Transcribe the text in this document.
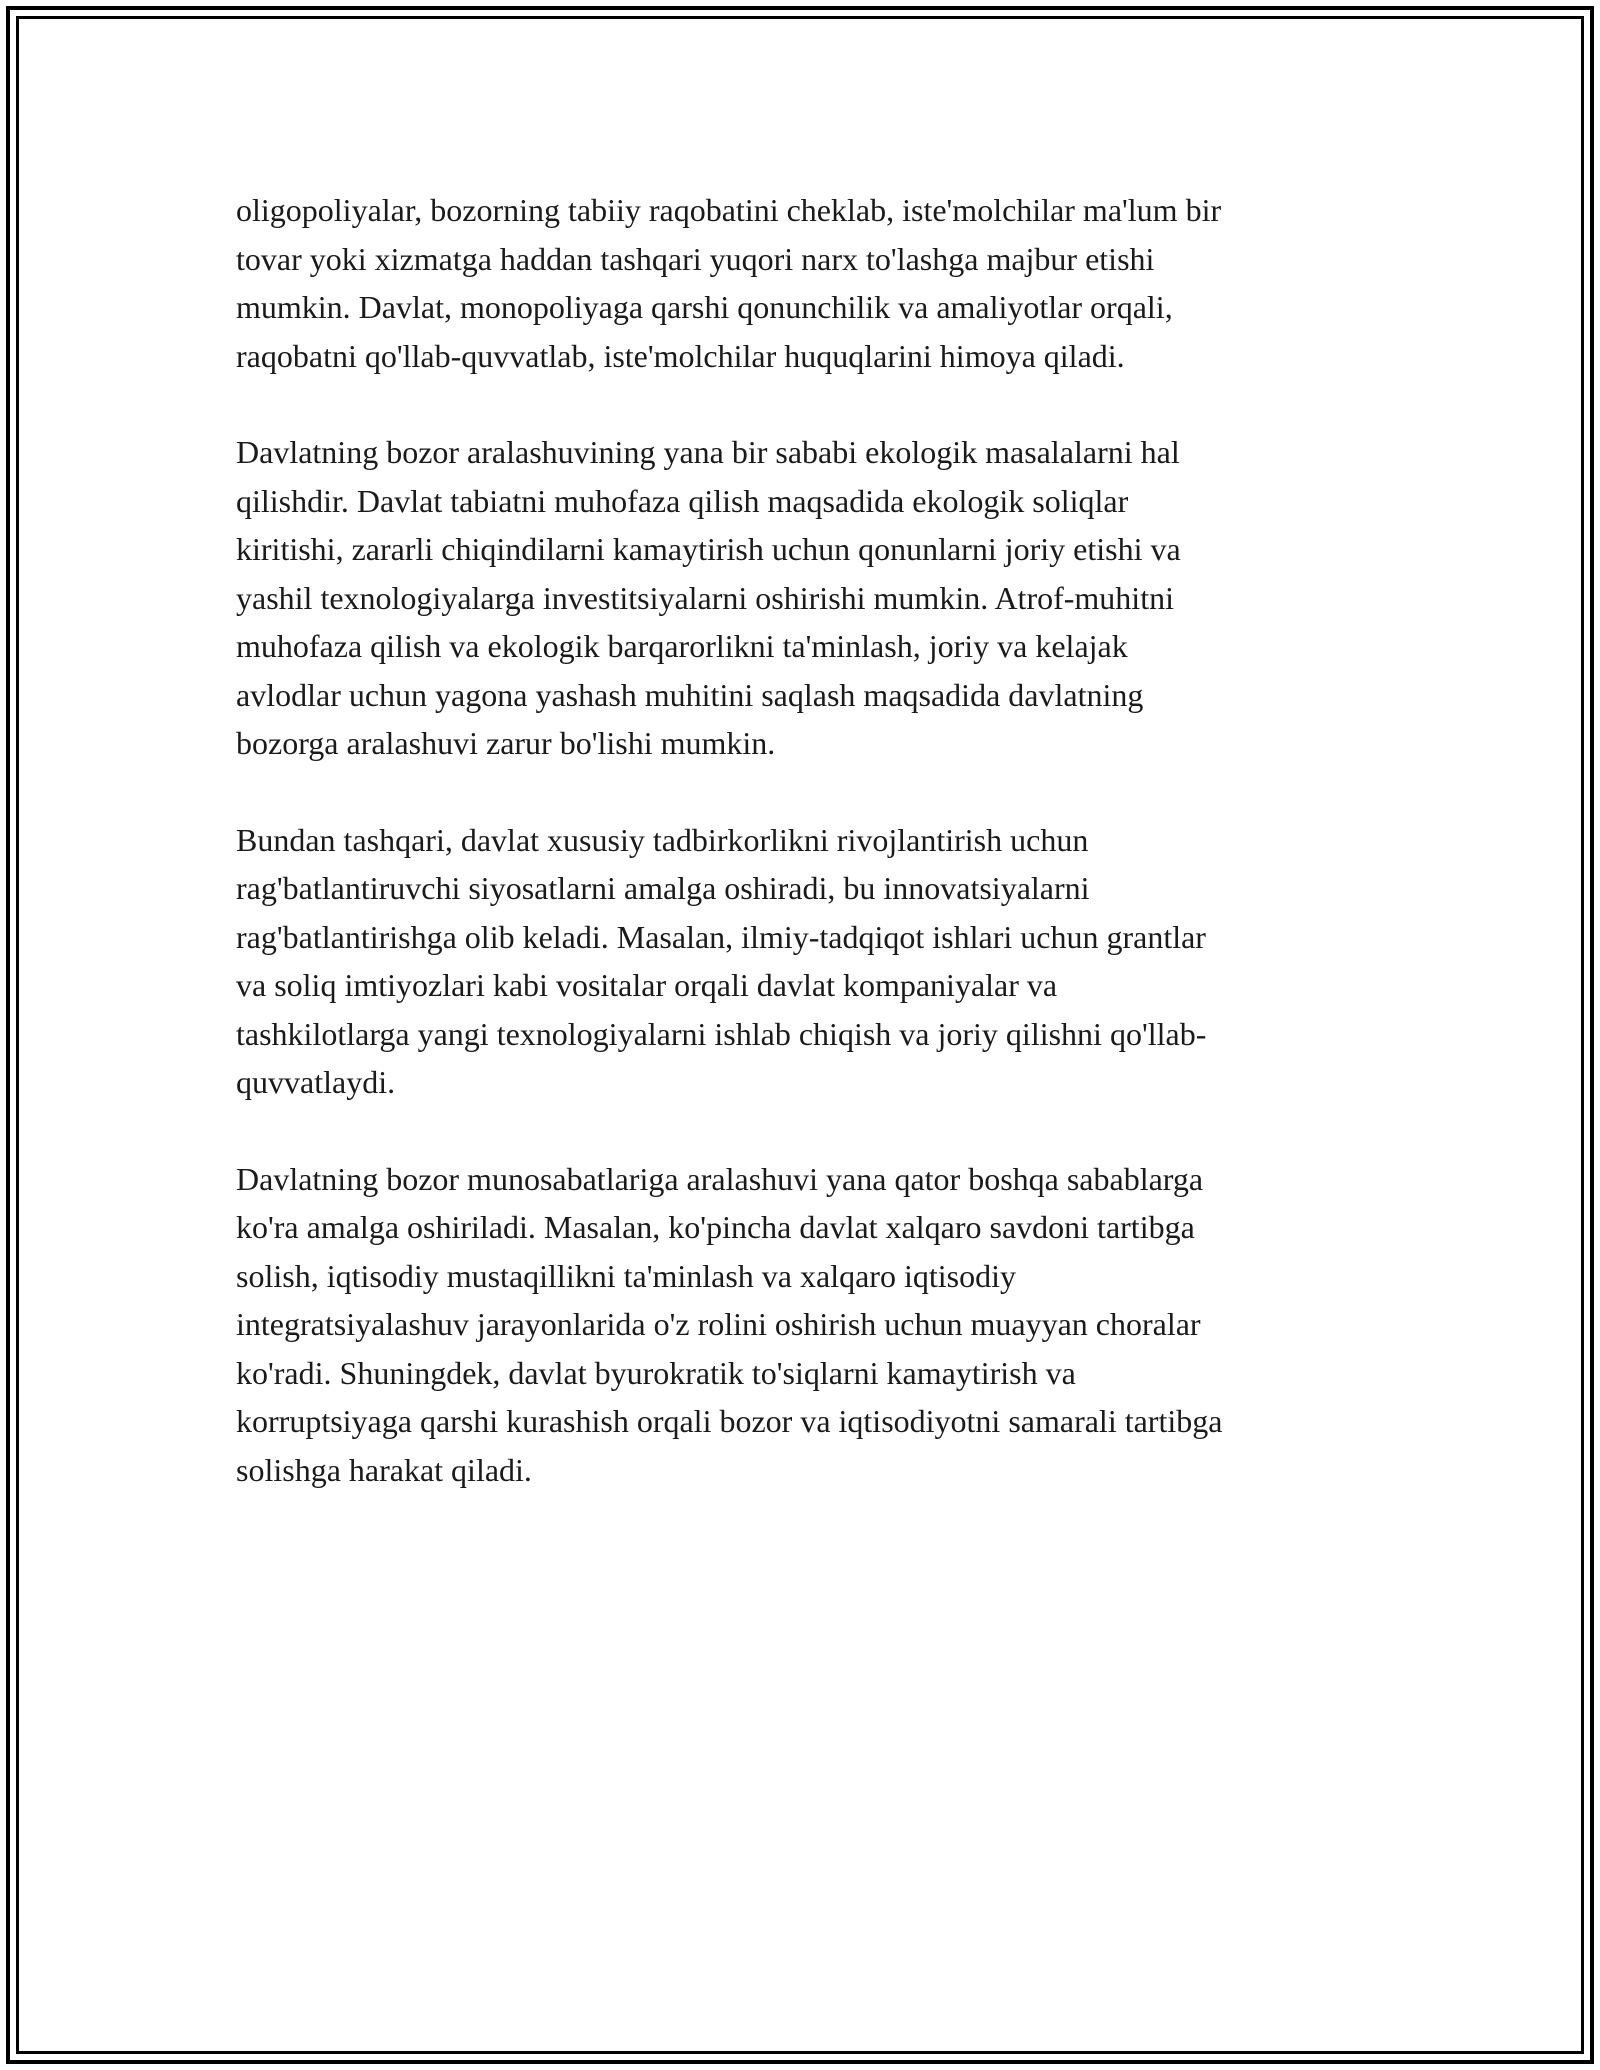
oligopoliyalar, bozorning tabiiy raqobatini cheklab, iste'molchilar ma'lum bir
tovar yoki xizmatga haddan tashqari yuqori narx to'lashga majbur etishi
mumkin. Davlat, monopoliyaga qarshi qonunchilik va amaliyotlar orqali,
raqobatni qo'llab-quvvatlab, iste'molchilar huquqlarini himoya qiladi.

Davlatning bozor aralashuvining yana bir sababi ekologik masalalarni hal
qilishdir. Davlat tabiatni muhofaza qilish maqsadida ekologik soliqlar
kiritishi, zararli chiqindilarni kamaytirish uchun qonunlarni joriy etishi va
yashil texnologiyalarga investitsiyalarni oshirishi mumkin. Atrof-muhitni
muhofaza qilish va ekologik barqarorlikni ta'minlash, joriy va kelajak
avlodlar uchun yagona yashash muhitini saqlash maqsadida davlatning
bozorga aralashuvi zarur bo'lishi mumkin.

Bundan tashqari, davlat xususiy tadbirkorlikni rivojlantirish uchun
rag'batlantiruvchi siyosatlarni amalga oshiradi, bu innovatsiyalarni
rag'batlantirishga olib keladi. Masalan, ilmiy-tadqiqot ishlari uchun grantlar
va soliq imtiyozlari kabi vositalar orqali davlat kompaniyalar va
tashkilotlarga yangi texnologiyalarni ishlab chiqish va joriy qilishni qo'llab-
quvvatlaydi.

Davlatning bozor munosabatlariga aralashuvi yana qator boshqa sabablarga
ko'ra amalga oshiriladi. Masalan, ko'pincha davlat xalqaro savdoni tartibga
solish, iqtisodiy mustaqillikni ta'minlash va xalqaro iqtisodiy
integratsiyalashuv jarayonlarida o'z rolini oshirish uchun muayyan choralar
ko'radi. Shuningdek, davlat byurokratik to'siqlarni kamaytirish va
korruptsiyaga qarshi kurashish orqali bozor va iqtisodiyotni samarali tartibga
solishga harakat qiladi.
